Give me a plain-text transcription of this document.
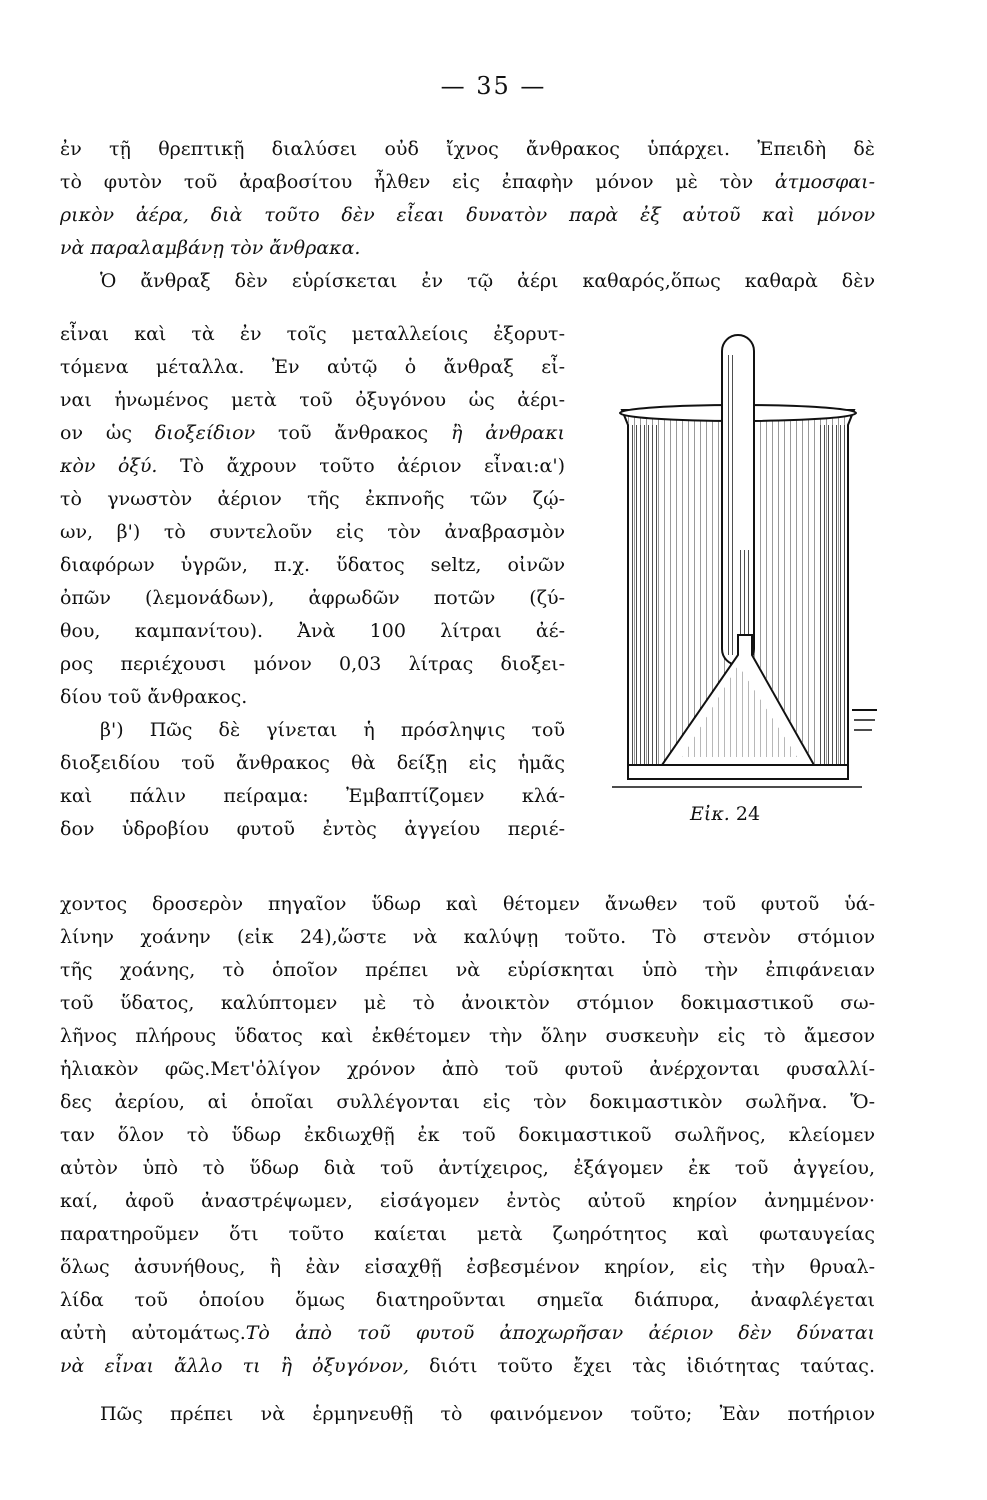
— 35 —
ἐν τῇ θρεπτικῇ διαλύσει οὐδ ἴχνος ἄνθρακος ὑπάρχει. Ἐπειδὴ δὲ
τὸ φυτὸν τοῦ ἀραβοσίτου ἦλθεν εἰς ἐπαφὴν μόνον μὲ τὸν ἀτμοσφαι-
ρικὸν ἀέρα, διὰ τοῦτο δὲν εἶεαι δυνατὸν παρὰ ἐξ αὐτοῦ καὶ μόνον
νὰ παραλαμβάνῃ τὸν ἄνθρακα.
Ὁ ἄνθραξ δὲν εὑρίσκεται ἐν τῷ ἀέρι καθαρός,ὅπως καθαρὰ δὲν
εἶναι καὶ τὰ ἐν τοῖς μεταλλείοις ἐξορυτ-
τόμενα μέταλλα. Ἐν αὐτῷ ὁ ἄνθραξ εἶ-
ναι ἡνωμένος μετὰ τοῦ ὀξυγόνου ὡς ἀέρι-
ον ὡς διοξείδιον τοῦ ἄνθρακος ἢ ἀνθρακι
κὸν ὀξύ. Τὸ ἄχρουν τοῦτο ἀέριον εἶναι:α')
τὸ γνωστὸν ἀέριον τῆς ἐκπνοῆς τῶν ζῴ-
ων, β') τὸ συντελοῦν εἰς τὸν ἀναβρασμὸν
διαφόρων ὑγρῶν, π.χ. ὕδατος seltz, οἰνῶν
ὀπῶν (λεμονάδων), ἀφρωδῶν ποτῶν (ζύ-
θου, καμπανίτου). Ἀνὰ 100 λίτραι ἀέ-
ρος περιέχουσι μόνον 0,03 λίτρας διοξει-
δίου τοῦ ἄνθρακος.
β') Πῶς δὲ γίνεται ἡ πρόσληψις τοῦ
διοξειδίου τοῦ ἄνθρακος θὰ δείξῃ εἰς ἡμᾶς
καὶ πάλιν πείραμα: Ἐμβαπτίζομεν κλά-
δον ὑδροβίου φυτοῦ ἐντὸς ἀγγείου περιέ-
Εἰκ. 24
χοντος δροσερὸν πηγαῖον ὕδωρ καὶ θέτομεν ἄνωθεν τοῦ φυτοῦ ὑά-
λίνην χοάνην (εἰκ 24),ὥστε νὰ καλύψῃ τοῦτο. Τὸ στενὸν στόμιον
τῆς χοάνης, τὸ ὁποῖον πρέπει νὰ εὑρίσκηται ὑπὸ τὴν ἐπιφάνειαν
τοῦ ὕδατος, καλύπτομεν μὲ τὸ ἀνοικτὸν στόμιον δοκιμαστικοῦ σω-
λῆνος πλήρους ὕδατος καὶ ἐκθέτομεν τὴν ὅλην συσκευὴν εἰς τὸ ἄμεσον
ἡλιακὸν φῶς.Μετ'ὀλίγον χρόνον ἀπὸ τοῦ φυτοῦ ἀνέρχονται φυσαλλί-
δες ἀερίου, αἱ ὁποῖαι συλλέγονται εἰς τὸν δοκιμαστικὸν σωλῆνα. Ὅ-
ταν ὅλον τὸ ὕδωρ ἐκδιωχθῇ ἐκ τοῦ δοκιμαστικοῦ σωλῆνος, κλείομεν
αὐτὸν ὑπὸ τὸ ὕδωρ διὰ τοῦ ἀντίχειρος, ἐξάγομεν ἐκ τοῦ ἀγγείου,
καί, ἀφοῦ ἀναστρέψωμεν, εἰσάγομεν ἐντὸς αὐτοῦ κηρίον ἀνημμένον·
παρατηροῦμεν ὅτι τοῦτο καίεται μετὰ ζωηρότητος καὶ φωταυγείας
ὅλως ἀσυνήθους, ἢ ἐὰν εἰσαχθῇ ἐσβεσμένον κηρίον, εἰς τὴν θρυαλ-
λίδα τοῦ ὁποίου ὅμως διατηροῦνται σημεῖα διάπυρα, ἀναφλέγεται
αὐτὴ αὐτομάτως.Τὸ ἀπὸ τοῦ φυτοῦ ἀποχωρῆσαν ἀέριον δὲν δύναται
νὰ εἶναι ἄλλο τι ἢ ὀξυγόνον, διότι τοῦτο ἔχει τὰς ἰδιότητας ταύτας.
Πῶς πρέπει νὰ ἑρμηνευθῇ τὸ φαινόμενον τοῦτο; Ἐὰν ποτήριον
